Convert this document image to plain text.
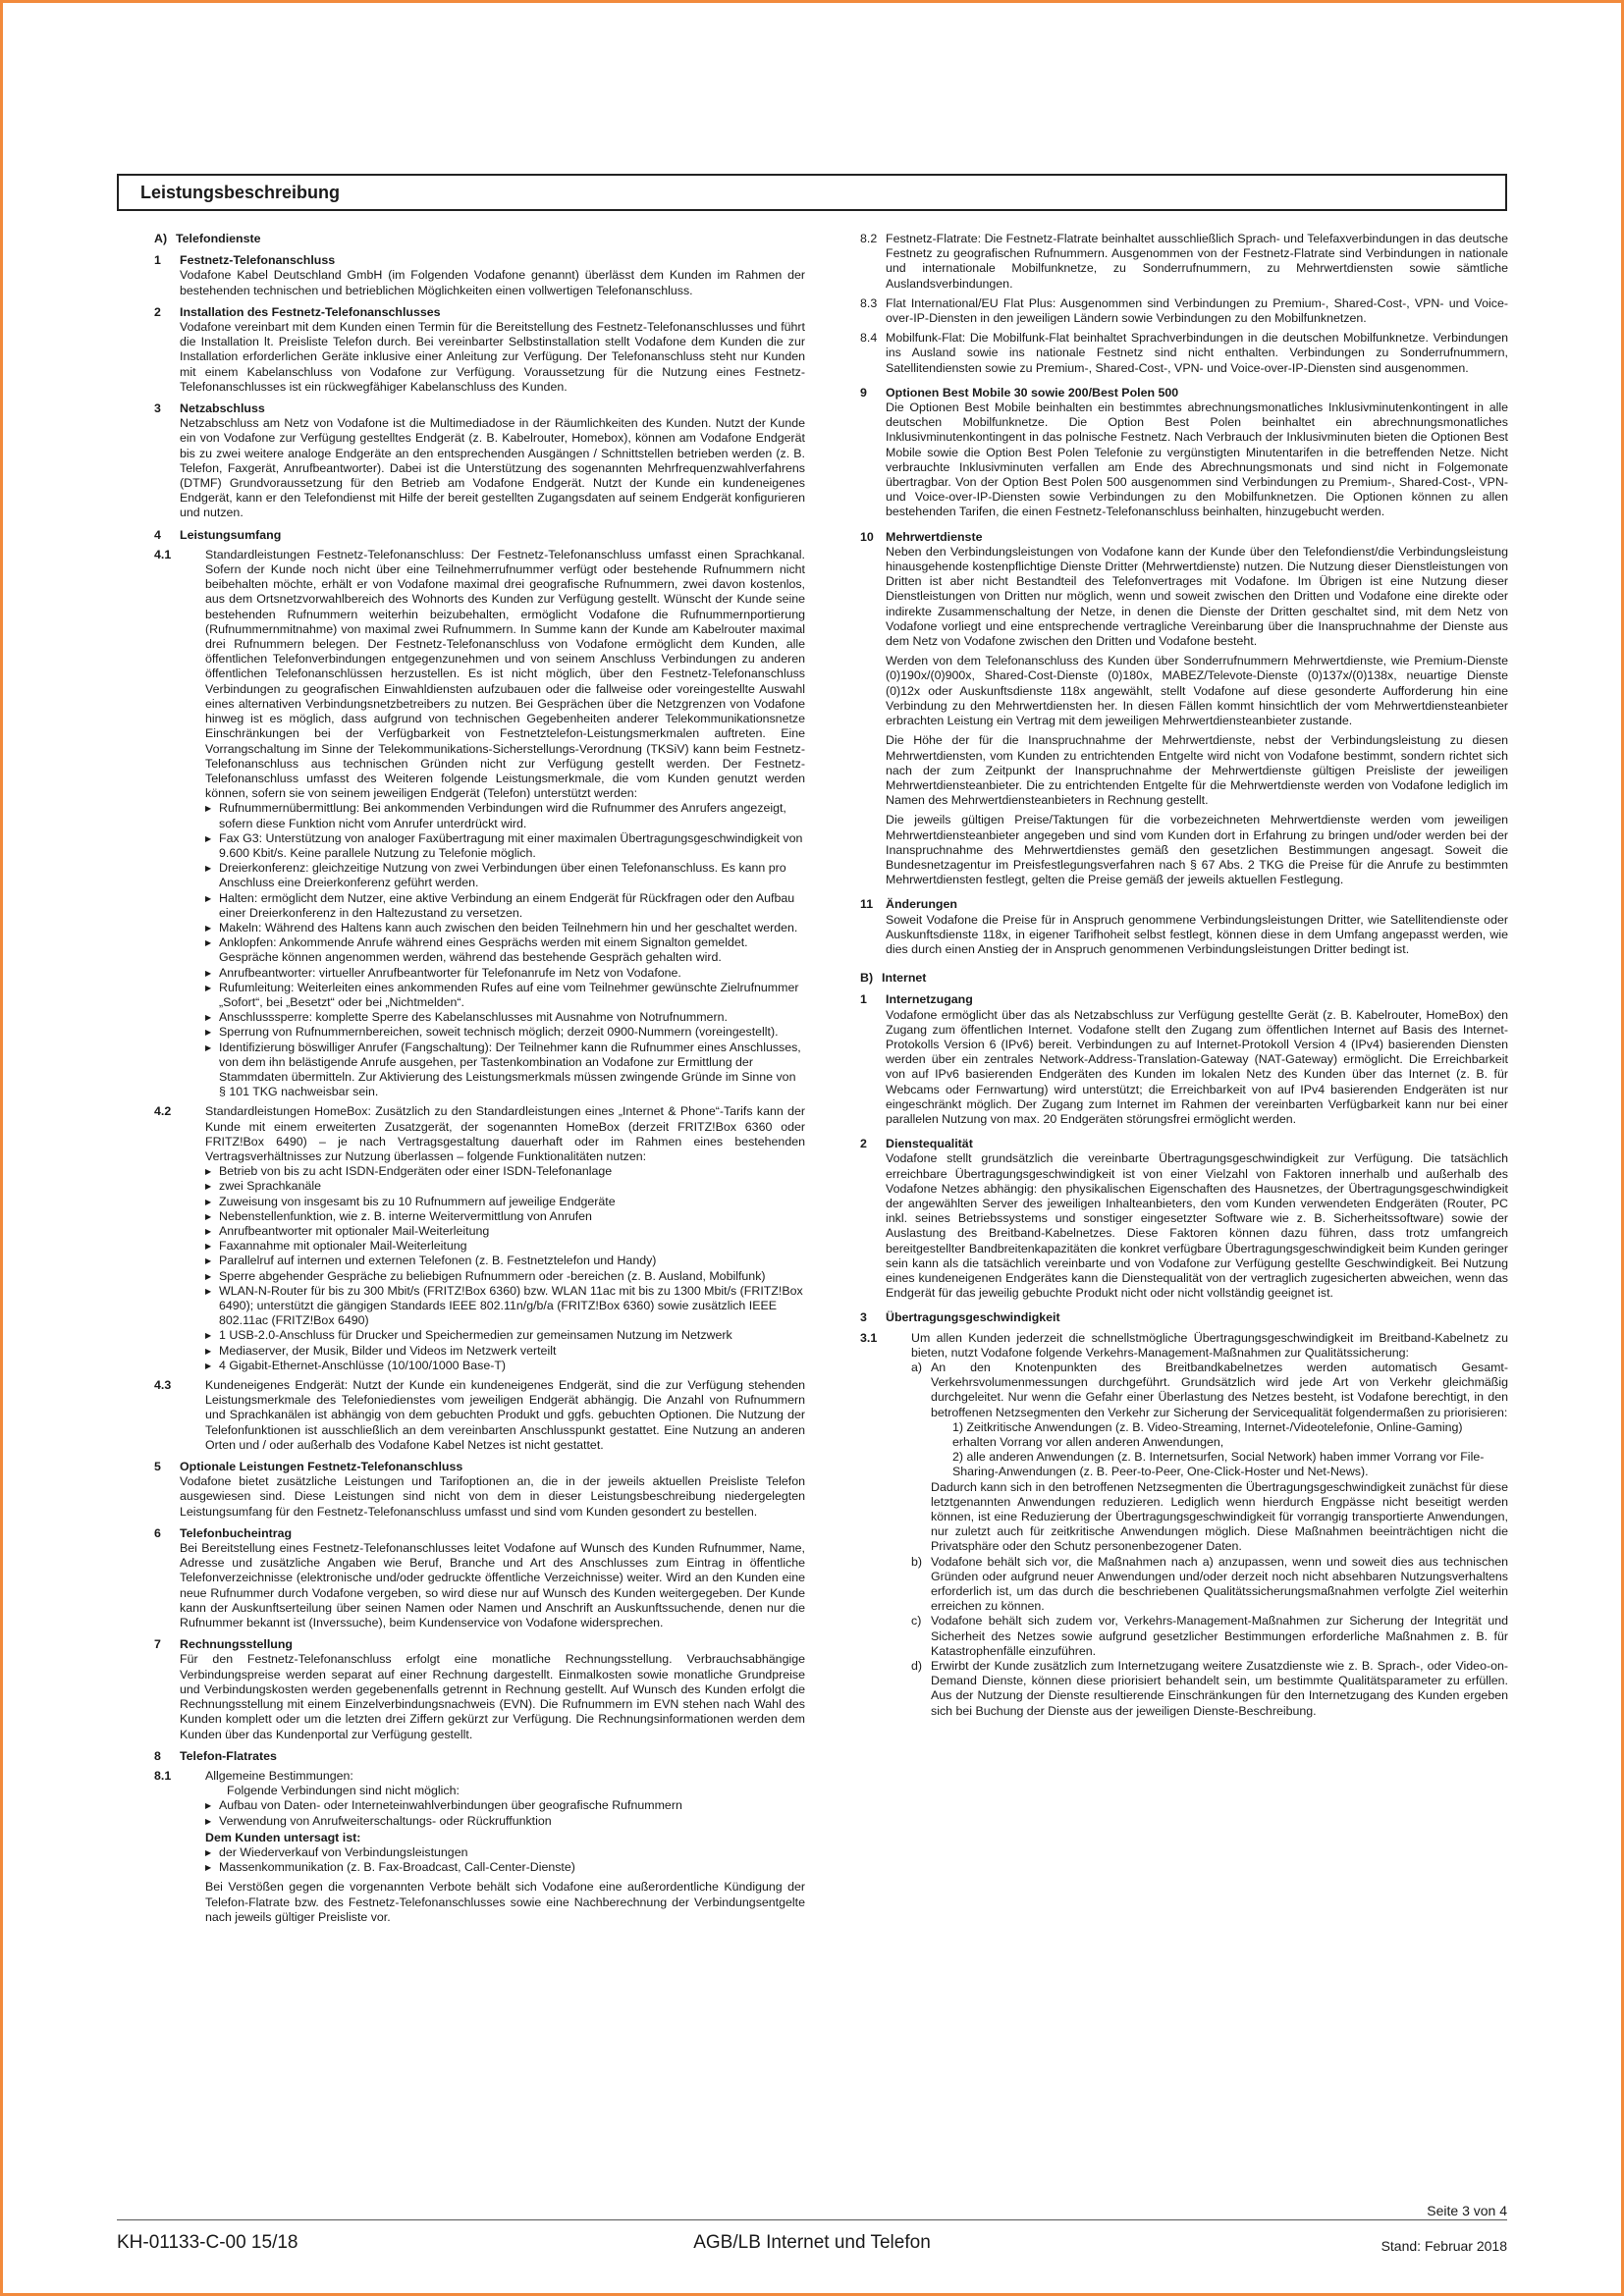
Leistungsbeschreibung
A) Telefondienste
1	Festnetz-Telefonanschluss

Vodafone Kabel Deutschland GmbH (im Folgenden Vodafone genannt) überlässt dem Kunden im Rahmen der bestehenden technischen und betrieblichen Möglichkeiten einen vollwertigen Telefonanschluss.

2	Installation des Festnetz-Telefonanschlusses

Vodafone vereinbart mit dem Kunden einen Termin für die Bereitstellung des Festnetz-Telefonanschlusses und führt die Installation lt. Preisliste Telefon durch. Bei vereinbarter Selbstinstallation stellt Vodafone dem Kunden die zur Installation erforderlichen Geräte inklusive einer Anleitung zur Verfügung. Der Telefonanschluss steht nur Kunden mit einem Kabelanschluss von Vodafone zur Verfügung. Voraussetzung für die Nutzung eines Festnetz-Telefonanschlusses ist ein rückwegfähiger Kabelanschluss des Kunden.

3	Netzabschluss

Netzabschluss am Netz von Vodafone ist die Multimediadose in der Räumlichkeiten des Kunden. Nutzt der Kunde ein von Vodafone zur Verfügung gestelltes Endgerät (z. B. Kabelrouter, Homebox), können am Vodafone Endgerät bis zu zwei weitere analoge Endgeräte an den entsprechenden Ausgängen / Schnittstellen betrieben werden (z. B. Telefon, Faxgerät, Anrufbeantworter). Dabei ist die Unterstützung des sogenannten Mehrfrequenzwahlverfahrens (DTMF) Grundvoraussetzung für den Betrieb am Vodafone Endgerät. Nutzt der Kunde ein kundeneigenes Endgerät, kann er den Telefondienst mit Hilfe der bereit gestellten Zugangsdaten auf seinem Endgerät konfigurieren und nutzen.

4	Leistungsumfang
4.1	Standardleistungen Festnetz-Telefonanschluss: Der Festnetz-Telefonanschluss umfasst einen Sprachkanal. Sofern der Kunde noch nicht über eine Teilnehmerrufnummer verfügt oder bestehende Rufnummern nicht beibehalten möchte, erhält er von Vodafone maximal drei geografische Rufnummern, zwei davon kostenlos, aus dem Ortsnetzvorwahlbereich des Wohnorts des Kunden zur Verfügung gestellt. Wünscht der Kunde seine bestehenden Rufnummern weiterhin beizubehalten, ermöglicht Vodafone die Rufnummernportierung (Rufnummernmitnahme) von maximal zwei Rufnummern. In Summe kann der Kunde am Kabelrouter maximal drei Rufnummern belegen. Der Festnetz-Telefonanschluss von Vodafone ermöglicht dem Kunden, alle öffentlichen Telefonverbindungen entgegenzunehmen und von seinem Anschluss Verbindungen zu anderen öffentlichen Telefonanschlüssen herzustellen. Es ist nicht möglich, über den Festnetz-Telefonanschluss Verbindungen zu geografischen Einwahldiensten aufzubauen oder die fallweise oder voreingestellte Auswahl eines alternativen Verbindungsnetzbetreibers zu nutzen. Bei Gesprächen über die Netzgrenzen von Vodafone hinweg ist es möglich, dass aufgrund von technischen Gegebenheiten anderer Telekommunikationsnetze Einschränkungen bei der Verfügbarkeit von Festnetztelefon-Leistungsmerkmalen auftreten. Eine Vorrangschaltung im Sinne der Telekommunikations-Sicherstellungs-Verordnung (TKSiV) kann beim Festnetz-Telefonanschluss aus technischen Gründen nicht zur Verfügung gestellt werden. Der Festnetz-Telefonanschluss umfasst des Weiteren folgende Leistungsmerkmale, die vom Kunden genutzt werden können, sofern sie von seinem jeweiligen Endgerät (Telefon) unterstützt werden:

▶ Rufnummernübermittlung: Bei ankommenden Verbindungen wird die Rufnummer des Anrufers angezeigt, sofern diese Funktion nicht vom Anrufer unterdrückt wird.
▶ Fax G3: Unterstützung von analoger Faxübertragung mit einer maximalen Übertragungsgeschwindigkeit von 9.600 Kbit/s. Keine parallele Nutzung zu Telefonie möglich.
▶ Dreierkonferenz: gleichzeitige Nutzung von zwei Verbindungen über einen Telefonanschluss. Es kann pro Anschluss eine Dreierkonferenz geführt werden.
▶ Halten: ermöglicht dem Nutzer, eine aktive Verbindung an einem Endgerät für Rückfragen oder den Aufbau einer Dreierkonferenz in den Haltezustand zu versetzen.
▶ Makeln: Während des Haltens kann auch zwischen den beiden Teilnehmern hin und her geschaltet werden.
▶ Anklopfen: Ankommende Anrufe während eines Gesprächs werden mit einem Signalton gemeldet. Gespräche können angenommen werden, während das bestehende Gespräch gehalten wird.
▶ Anrufbeantworter: virtueller Anrufbeantworter für Telefonanrufe im Netz von Vodafone.
▶ Rufumleitung: Weiterleiten eines ankommenden Rufes auf eine vom Teilnehmer gewünschte Zielrufnummer „Sofort“, bei „Besetzt“ oder bei „Nichtmelden“.
▶ Anschlusssperre: komplette Sperre des Kabelanschlusses mit Ausnahme von Notrufnummern.
▶ Sperrung von Rufnummernbereichen, soweit technisch möglich; derzeit 0900-Nummern (voreingestellt).
▶ Identifizierung böswilliger Anrufer (Fangschaltung): Der Teilnehmer kann die Rufnummer eines Anschlusses, von dem ihn belästigende Anrufe ausgehen, per Tastenkombination an Vodafone zur Ermittlung der Stammdaten übermitteln. Zur Aktivierung des Leistungsmerkmals müssen zwingende Gründe im Sinne von § 101 TKG nachweisbar sein.
4.2	Standardleistungen HomeBox: Zusätzlich zu den Standardleistungen eines „Internet & Phone“-Tarifs kann der Kunde mit einem erweiterten Zusatzgerät, der sogenannten HomeBox (derzeit FRITZ!Box 6360 oder FRITZ!Box 6490) – je nach Vertragsgestaltung dauerhaft oder im Rahmen eines bestehenden Vertragsverhältnisses zur Nutzung überlassen – folgende Funktionalitäten nutzen:

▶ Betrieb von bis zu acht ISDN-Endgeräten oder einer ISDN-Telefonanlage
▶ zwei Sprachkanäle
▶ Zuweisung von insgesamt bis zu 10 Rufnummern auf jeweilige Endgeräte
▶ Nebenstellenfunktion, wie z. B. interne Weitervermittlung von Anrufen
▶ Anrufbeantworter mit optionaler Mail-Weiterleitung
▶ Faxannahme mit optionaler Mail-Weiterleitung
▶ Parallelruf auf internen und externen Telefonen (z. B. Festnetztelefon und Handy)
▶ Sperre abgehender Gespräche zu beliebigen Rufnummern oder -bereichen (z. B. Ausland, Mobilfunk)
▶ WLAN-N-Router für bis zu 300 Mbit/s (FRITZ!Box 6360) bzw. WLAN 11ac mit bis zu 1300 Mbit/s (FRITZ!Box 6490); unterstützt die gängigen Standards IEEE 802.11n/g/b/a (FRITZ!Box 6360) sowie zusätzlich IEEE 802.11ac (FRITZ!Box 6490)
▶ 1 USB-2.0-Anschluss für Drucker und Speichermedien zur gemeinsamen Nutzung im Netzwerk
▶ Mediaserver, der Musik, Bilder und Videos im Netzwerk verteilt
▶ 4 Gigabit-Ethernet-Anschlüsse (10/100/1000 Base-T)
4.3	Kundeneigenes Endgerät: Nutzt der Kunde ein kundeneigenes Endgerät, sind die zur Verfügung stehenden Leistungsmerkmale des Telefoniedienstes vom jeweiligen Endgerät abhängig. Die Anzahl von Rufnummern und Sprachkanälen ist abhängig von dem gebuchten Produkt und ggfs. gebuchten Optionen. Die Nutzung der Telefonfunktionen ist ausschließlich an dem vereinbarten Anschlusspunkt gestattet. Eine Nutzung an anderen Orten und / oder außerhalb des Vodafone Kabel Netzes ist nicht gestattet.

5	Optionale Leistungen Festnetz-Telefonanschluss

Vodafone bietet zusätzliche Leistungen und Tarifoptionen an, die in der jeweils aktuellen Preisliste Telefon ausgewiesen sind. Diese Leistungen sind nicht von dem in dieser Leistungsbeschreibung niedergelegten Leistungsumfang für den Festnetz-Telefonanschluss umfasst und sind vom Kunden gesondert zu bestellen.

6	Telefonbucheintrag

Bei Bereitstellung eines Festnetz-Telefonanschlusses leitet Vodafone auf Wunsch des Kunden Rufnummer, Name, Adresse und zusätzliche Angaben wie Beruf, Branche und Art des Anschlusses zum Eintrag in öffentliche Telefonverzeichnisse (elektronische und/oder gedruckte öffentliche Verzeichnisse) weiter. Wird an den Kunden eine neue Rufnummer durch Vodafone vergeben, so wird diese nur auf Wunsch des Kunden weitergegeben. Der Kunde kann der Auskunftserteilung über seinen Namen oder Namen und Anschrift an Auskunftssuchende, denen nur die Rufnummer bekannt ist (Inverssuche), beim Kundenservice von Vodafone widersprechen.

7	Rechnungsstellung

Für den Festnetz-Telefonanschluss erfolgt eine monatliche Rechnungsstellung. Verbrauchsabhängige Verbindungspreise werden separat auf einer Rechnung dargestellt. Einmalkosten sowie monatliche Grundpreise und Verbindungskosten werden gegebenenfalls getrennt in Rechnung gestellt. Auf Wunsch des Kunden erfolgt die Rechnungsstellung mit einem Einzelverbindungsnachweis (EVN). Die Rufnummern im EVN stehen nach Wahl des Kunden komplett oder um die letzten drei Ziffern gekürzt zur Verfügung. Die Rechnungsinformationen werden dem Kunden über das Kundenportal zur Verfügung gestellt.

8	Telefon-Flatrates
8.1	Allgemeine Bestimmungen:
Folgende Verbindungen sind nicht möglich:
▶ Aufbau von Daten- oder Interneteinwahlverbindungen über geografische Rufnummern
▶ Verwendung von Anrufweiterschaltungs- oder Rückruffunktion
Dem Kunden untersagt ist:
▶ der Wiederverkauf von Verbindungsleistungen
▶ Massenkommunikation (z. B. Fax-Broadcast, Call-Center-Dienste)

Bei Verstößen gegen die vorgenannten Verbote behält sich Vodafone eine außerordentliche Kündigung der Telefon-Flatrate bzw. des Festnetz-Telefonanschlusses sowie eine Nachberechnung der Verbindungsentgelte nach jeweils gültiger Preisliste vor.

8.2 Festnetz-Flatrate: Die Festnetz-Flatrate beinhaltet ausschließlich Sprach- und Telefaxverbindungen in das deutsche Festnetz zu geografischen Rufnummern. Ausgenommen von der Festnetz-Flatrate sind Verbindungen in nationale und internationale Mobilfunknetze, zu Sonderrufnummern, zu Mehrwertdiensten sowie sämtliche Auslandsverbindungen.

8.3 Flat International/EU Flat Plus: Ausgenommen sind Verbindungen zu Premium-, Shared-Cost-, VPN- und Voice-over-IP-Diensten in den jeweiligen Ländern sowie Verbindungen zu den Mobilfunknetzen.

8.4 Mobilfunk-Flat: Die Mobilfunk-Flat beinhaltet Sprachverbindungen in die deutschen Mobilfunknetze. Verbindungen ins Ausland sowie ins nationale Festnetz sind nicht enthalten. Verbindungen zu Sonderrufnummern, Satellitendiensten sowie zu Premium-, Shared-Cost-, VPN- und Voice-over-IP-Diensten sind ausgenommen.

9	Optionen Best Mobile 30 sowie 200/Best Polen 500

Die Optionen Best Mobile beinhalten ein bestimmtes abrechnungsmonatliches Inklusivminutenkontingent in alle deutschen Mobilfunknetze. Die Option Best Polen beinhaltet ein abrechnungsmonatliches Inklusivminutenkontingent in das polnische Festnetz. Nach Verbrauch der Inklusivminuten bieten die Optionen Best Mobile sowie die Option Best Polen Telefonie zu vergünstigten Minutentarifen in die betreffenden Netze. Nicht verbrauchte Inklusivminuten verfallen am Ende des Abrechnungsmonats und sind nicht in Folgemonate übertragbar. Von der Option Best Polen 500 ausgenommen sind Verbindungen zu Premium-, Shared-Cost-, VPN- und Voice-over-IP-Diensten sowie Verbindungen zu den Mobilfunknetzen. Die Optionen können zu allen bestehenden Tarifen, die einen Festnetz-Telefonanschluss beinhalten, hinzugebucht werden.

10 Mehrwertdienste

Neben den Verbindungsleistungen von Vodafone kann der Kunde über den Telefondienst/die Verbindungsleistung hinausgehende kostenpflichtige Dienste Dritter (Mehrwertdienste) nutzen. Die Nutzung dieser Dienstleistungen von Dritten ist aber nicht Bestandteil des Telefonvertrages mit Vodafone. Im Übrigen ist eine Nutzung dieser Dienstleistungen von Dritten nur möglich, wenn und soweit zwischen den Dritten und Vodafone eine direkte oder indirekte Zusammenschaltung der Netze, in denen die Dienste der Dritten geschaltet sind, mit dem Netz von Vodafone vorliegt und eine entsprechende vertragliche Vereinbarung über die Inanspruchnahme der Dienste aus dem Netz von Vodafone zwischen den Dritten und Vodafone besteht.

Werden von dem Telefonanschluss des Kunden über Sonderrufnummern Mehrwertdienste, wie Premium-Dienste (0)190x/(0)900x, Shared-Cost-Dienste (0)180x, MABEZ/Televote-Dienste (0)137x/(0)138x, neuartige Dienste (0)12x oder Auskunftsdienste 118x angewählt, stellt Vodafone auf diese gesonderte Aufforderung hin eine Verbindung zu den Mehrwertdiensten her. In diesen Fällen kommt hinsichtlich der vom Mehrwertdiensteanbieter erbrachten Leistung ein Vertrag mit dem jeweiligen Mehrwertdiensteanbieter zustande.

Die Höhe der für die Inanspruchnahme der Mehrwertdienste, nebst der Verbindungsleistung zu diesen Mehrwertdiensten, vom Kunden zu entrichtenden Entgelte wird nicht von Vodafone bestimmt, sondern richtet sich nach der zum Zeitpunkt der Inanspruchnahme der Mehrwertdienste gültigen Preisliste der jeweiligen Mehrwertdiensteanbieter. Die zu entrichtenden Entgelte für die Mehrwertdienste werden von Vodafone lediglich im Namen des Mehrwertdiensteanbieters in Rechnung gestellt.

Die jeweils gültigen Preise/Taktungen für die vorbezeichneten Mehrwertdienste werden vom jeweiligen Mehrwertdiensteanbieter angegeben und sind vom Kunden dort in Erfahrung zu bringen und/oder werden bei der Inanspruchnahme des Mehrwertdienstes gemäß den gesetzlichen Bestimmungen angesagt. Soweit die Bundesnetzagentur im Preisfestlegungsverfahren nach § 67 Abs. 2 TKG die Preise für die Anrufe zu bestimmten Mehrwertdiensten festlegt, gelten die Preise gemäß der jeweils aktuellen Festlegung.

11	Änderungen

Soweit Vodafone die Preise für in Anspruch genommene Verbindungsleistungen Dritter, wie Satellitendienste oder Auskunftsdienste 118x, in eigener Tarifhoheit selbst festlegt, können diese in dem Umfang angepasst werden, wie dies durch einen Anstieg der in Anspruch genommenen Verbindungsleistungen Dritter bedingt ist.

B) Internet
1	Internetzugang

Vodafone ermöglicht über das als Netzabschluss zur Verfügung gestellte Gerät (z. B. Kabelrouter, HomeBox) den Zugang zum öffentlichen Internet. Vodafone stellt den Zugang zum öffentlichen Internet auf Basis des Internet-Protokolls Version 6 (IPv6) bereit. Verbindungen zu auf Internet-Protokoll Version 4 (IPv4) basierenden Diensten werden über ein zentrales Network-Address-Translation-Gateway (NAT-Gateway) ermöglicht. Die Erreichbarkeit von auf IPv6 basierenden Endgeräten des Kunden im lokalen Netz des Kunden über das Internet (z. B. für Webcams oder Fernwartung) wird unterstützt; die Erreichbarkeit von auf IPv4 basierenden Endgeräten ist nur eingeschränkt möglich. Der Zugang zum Internet im Rahmen der vereinbarten Verfügbarkeit kann nur bei einer parallelen Nutzung von max. 20 Endgeräten störungsfrei ermöglicht werden.

2	Dienstequalität

Vodafone stellt grundsätzlich die vereinbarte Übertragungsgeschwindigkeit zur Verfügung. Die tatsächlich erreichbare Übertragungsgeschwindigkeit ist von einer Vielzahl von Faktoren innerhalb und außerhalb des Vodafone Netzes abhängig: den physikalischen Eigenschaften des Hausnetzes, der Übertragungsgeschwindigkeit der angewählten Server des jeweiligen Inhalteanbieters, den vom Kunden verwendeten Endgeräten (Router, PC inkl. seines Betriebssystems und sonstiger eingesetzter Software wie z. B. Sicherheitssoftware) sowie der Auslastung des Breitband-Kabelnetzes. Diese Faktoren können dazu führen, dass trotz umfangreich bereitgestellter Bandbreitenkapazitäten die konkret verfügbare Übertragungsgeschwindigkeit beim Kunden geringer sein kann als die tatsächlich vereinbarte und von Vodafone zur Verfügung gestellte Geschwindigkeit. Bei Nutzung eines kundeneigenen Endgerätes kann die Dienstequalität von der vertraglich zugesicherten abweichen, wenn das Endgerät für das jeweilig gebuchte Produkt nicht oder nicht vollständig geeignet ist.

3	Übertragungsgeschwindigkeit
3.1	Um allen Kunden jederzeit die schnellstmögliche Übertragungsgeschwindigkeit im Breitband-Kabelnetz zu bieten, nutzt Vodafone folgende Verkehrs-Management-Maßnahmen zur Qualitätssicherung:

a) An den Knotenpunkten des Breitbandkabelnetzes werden automatisch Gesamt-Verkehrsvolumenmessungen durchgeführt. Grundsätzlich wird jede Art von Verkehr gleichmäßig durchgeleitet. Nur wenn die Gefahr einer Überlastung des Netzes besteht, ist Vodafone berechtigt, in den betroffenen Netzsegmenten den Verkehr zur Sicherung der Servicequalität folgendermaßen zu priorisieren:

1) Zeitkritische Anwendungen (z. B. Video-Streaming, Internet-/Videotelefonie, Online-Gaming) erhalten Vorrang vor allen anderen Anwendungen,
2) alle anderen Anwendungen (z. B. Internetsurfen, Social Network) haben immer Vorrang vor File-Sharing-Anwendungen (z. B. Peer-to-Peer, One-Click-Hoster und Net-News).

Dadurch kann sich in den betroffenen Netzsegmenten die Übertragungsgeschwindigkeit zunächst für diese letztgenannten Anwendungen reduzieren. Lediglich wenn hierdurch Engpässe nicht beseitigt werden können, ist eine Reduzierung der Übertragungsgeschwindigkeit für vorrangig transportierte Anwendungen, nur zuletzt auch für zeitkritische Anwendungen möglich. Diese Maßnahmen beeinträchtigen nicht die Privatsphäre oder den Schutz personenbezogener Daten.

b) Vodafone behält sich vor, die Maßnahmen nach a) anzupassen, wenn und soweit dies aus technischen Gründen oder aufgrund neuer Anwendungen und/oder derzeit noch nicht absehbaren Nutzungsverhaltens erforderlich ist, um das durch die beschriebenen Qualitätssicherungsmaßnahmen verfolgte Ziel weiterhin erreichen zu können.

c) Vodafone behält sich zudem vor, Verkehrs-Management-Maßnahmen zur Sicherung der Integrität und Sicherheit des Netzes sowie aufgrund gesetzlicher Bestimmungen erforderliche Maßnahmen z. B. für Katastrophenfälle einzuführen.

d) Erwirbt der Kunde zusätzlich zum Internetzugang weitere Zusatzdienste wie z. B. Sprach-, oder Video-on-Demand Dienste, können diese priorisiert behandelt sein, um bestimmte Qualitätsparameter zu erfüllen. Aus der Nutzung der Dienste resultierende Einschränkungen für den Internetzugang des Kunden ergeben sich bei Buchung der Dienste aus der jeweiligen Dienste-Beschreibung.

Seite 3 von 4
KH-01133-C-00 15/18	AGB/LB Internet und Telefon	Stand: Februar 2018
